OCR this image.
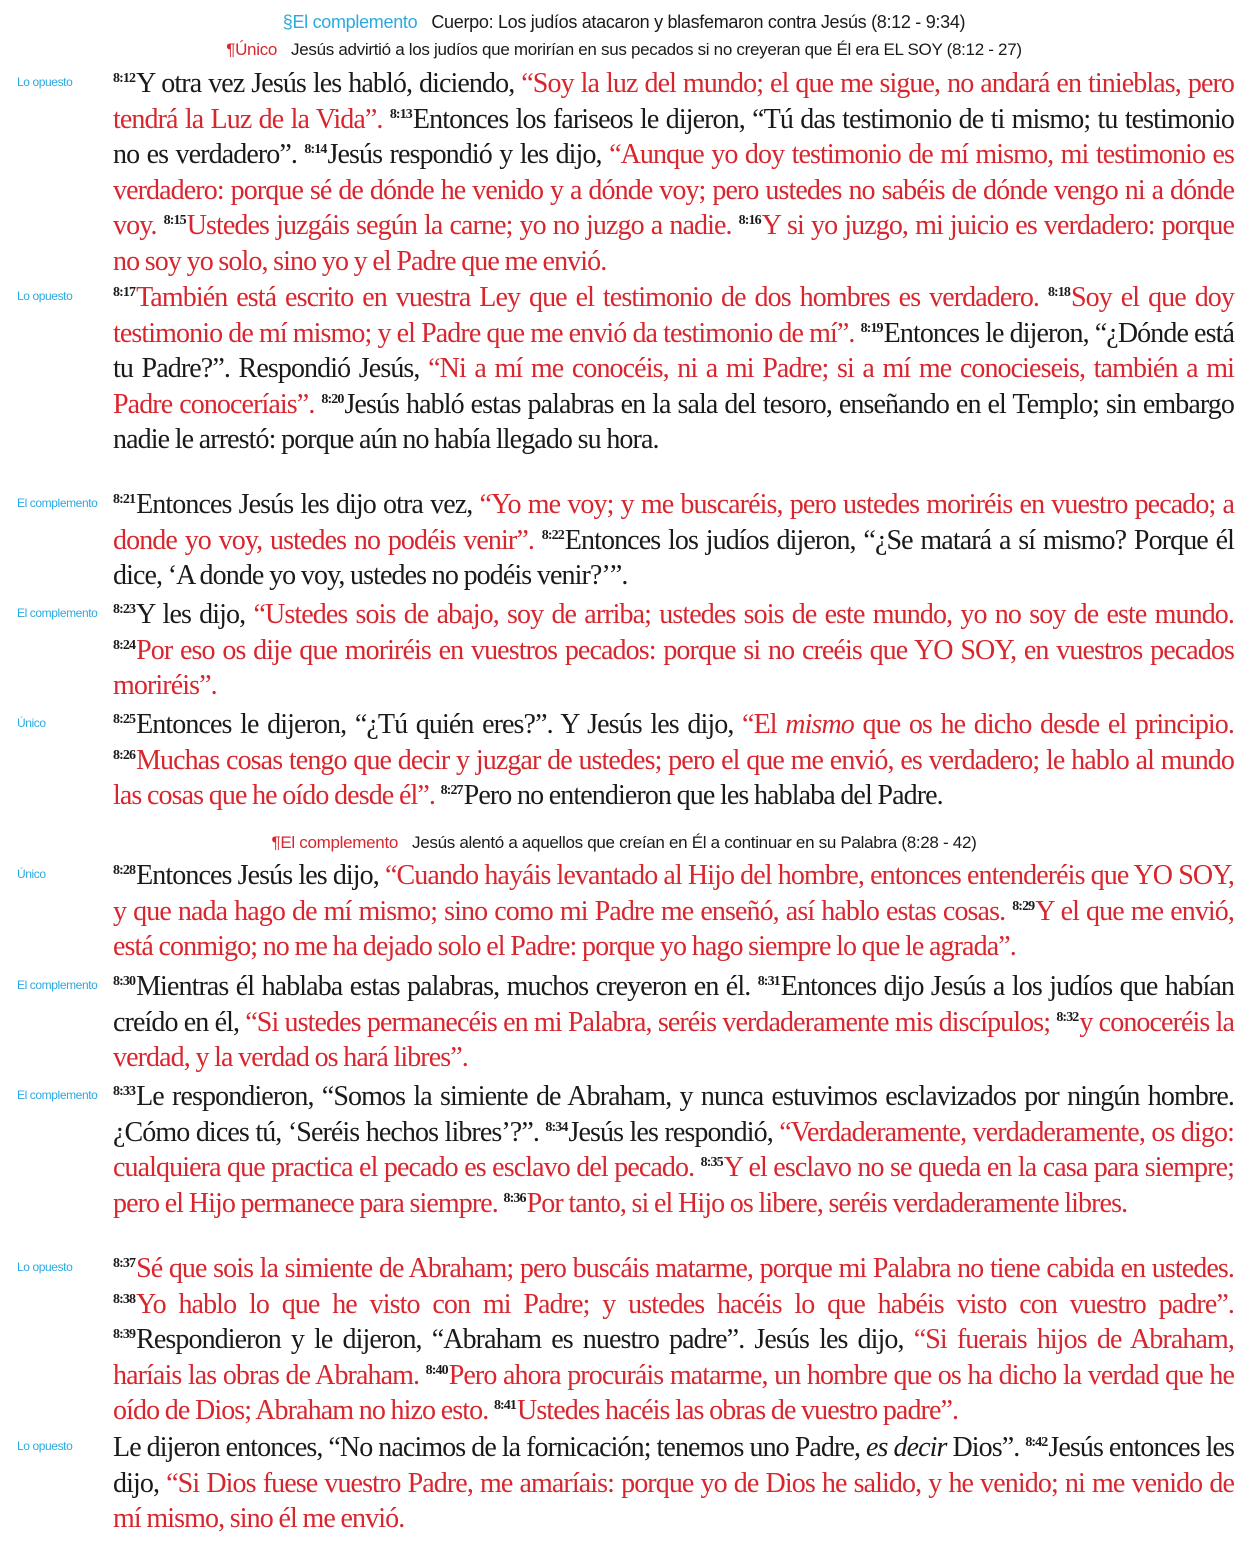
§El complemento Cuerpo: Los judíos atacaron y blasfemaron contra Jesús (8:12 - 9:34)
¶Único Jesús advirtió a los judíos que morirían en sus pecados si no creyeran que Él era EL SOY (8:12 - 27)
¶El complemento Jesús alentó a aquellos que creían en Él a continuar en su Palabra (8:28 - 42)
Lo opuesto
Lo opuesto
El complemento
El complemento
Único
Único
El complemento
El complemento
Lo opuesto
Lo opuesto
$^{8:12}$Y otra vez Jesús les habló, diciendo, “Soy la luz del mundo; el que me sigue, no andará en tinieblas, pero tendrá la Luz de la Vida”. $^{8:13}$Entonces los fariseos le dijeron, “Tú das testimonio de ti mismo; tu testimonio no es verdadero”. $^{8:14}$Jesús respondió y les dijo, “Aunque yo doy testimonio de mí mismo, mi testimonio es verdadero: porque sé de dónde he venido y a dónde voy; pero ustedes no sabéis de dónde vengo ni a dónde voy. $^{8:15}$Ustedes juzgáis según la carne; yo no juzgo a nadie. $^{8:16}$Y si yo juzgo, mi juicio es verdadero: porque no soy yo solo, sino yo y el Padre que me envió.
$^{8:17}$También está escrito en vuestra Ley que el testimonio de dos hombres es verdadero. $^{8:18}$Soy el que doy testimonio de mí mismo; y el Padre que me envió da testimonio de mí”. $^{8:19}$Entonces le dijeron, “¿Dónde está tu Padre?”. Respondió Jesús, “Ni a mí me conocéis, ni a mi Padre; si a mí me conocieseis, también a mi Padre conoceríais”. $^{8:20}$Jesús habló estas palabras en la sala del tesoro, enseñando en el Templo; sin embargo nadie le arrestó: porque aún no había llegado su hora.
$^{8:21}$Entonces Jesús les dijo otra vez, “Yo me voy; y me buscaréis, pero ustedes moriréis en vuestro pecado; a donde yo voy, ustedes no podéis venir”. $^{8:22}$Entonces los judíos dijeron, “¿Se matará a sí mismo? Porque él dice, ‘A donde yo voy, ustedes no podéis venir?’”.
$^{8:23}$Y les dijo, “Ustedes sois de abajo, soy de arriba; ustedes sois de este mundo, yo no soy de este mundo. $^{8:24}$Por eso os dije que moriréis en vuestros pecados: porque si no creéis que YO SOY, en vuestros pecados moriréis”.
$^{8:25}$Entonces le dijeron, “¿Tú quién eres?”. Y Jesús les dijo, “El mismo que os he dicho desde el principio. $^{8:26}$Muchas cosas tengo que decir y juzgar de ustedes; pero el que me envió, es verdadero; le hablo al mundo las cosas que he oído desde él”. $^{8:27}$Pero no entendieron que les hablaba del Padre.
$^{8:28}$Entonces Jesús les dijo, “Cuando hayáis levantado al Hijo del hombre, entonces entenderéis que YO SOY, y que nada hago de mí mismo; sino como mi Padre me enseñó, así hablo estas cosas. $^{8:29}$Y el que me envió, está conmigo; no me ha dejado solo el Padre: porque yo hago siempre lo que le agrada”.
$^{8:30}$Mientras él hablaba estas palabras, muchos creyeron en él. $^{8:31}$Entonces dijo Jesús a los judíos que habían creído en él, “Si ustedes permanecéis en mi Palabra, seréis verdaderamente mis discípulos; $^{8:32}$y conoceréis la verdad, y la verdad os hará libres”.
$^{8:33}$Le respondieron, “Somos la simiente de Abraham, y nunca estuvimos esclavizados por ningún hombre. ¿Cómo dices tú, ‘Seréis hechos libres’?”. $^{8:34}$Jesús les respondió, “Verdaderamente, verdaderamente, os digo: cualquiera que practica el pecado es esclavo del pecado. $^{8:35}$Y el esclavo no se queda en la casa para siempre; pero el Hijo permanece para siempre. $^{8:36}$Por tanto, si el Hijo os libere, seréis verdaderamente libres.
$^{8:37}$Sé que sois la simiente de Abraham; pero buscáis matarme, porque mi Palabra no tiene cabida en ustedes. $^{8:38}$Yo hablo lo que he visto con mi Padre; y ustedes hacéis lo que habéis visto con vuestro padre”. $^{8:39}$Respondieron y le dijeron, “Abraham es nuestro padre”. Jesús les dijo, “Si fuerais hijos de Abraham, haríais las obras de Abraham. $^{8:40}$Pero ahora procuráis matarme, un hombre que os ha dicho la verdad que he oído de Dios; Abraham no hizo esto. $^{8:41}$Ustedes hacéis las obras de vuestro padre”.
Le dijeron entonces, “No nacimos de la fornicación; tenemos uno Padre, es decir Dios”. $^{8:42}$Jesús entonces les dijo, “Si Dios fuese vuestro Padre, me amaríais: porque yo de Dios he salido, y he venido; ni me venido de mí mismo, sino él me envió.
